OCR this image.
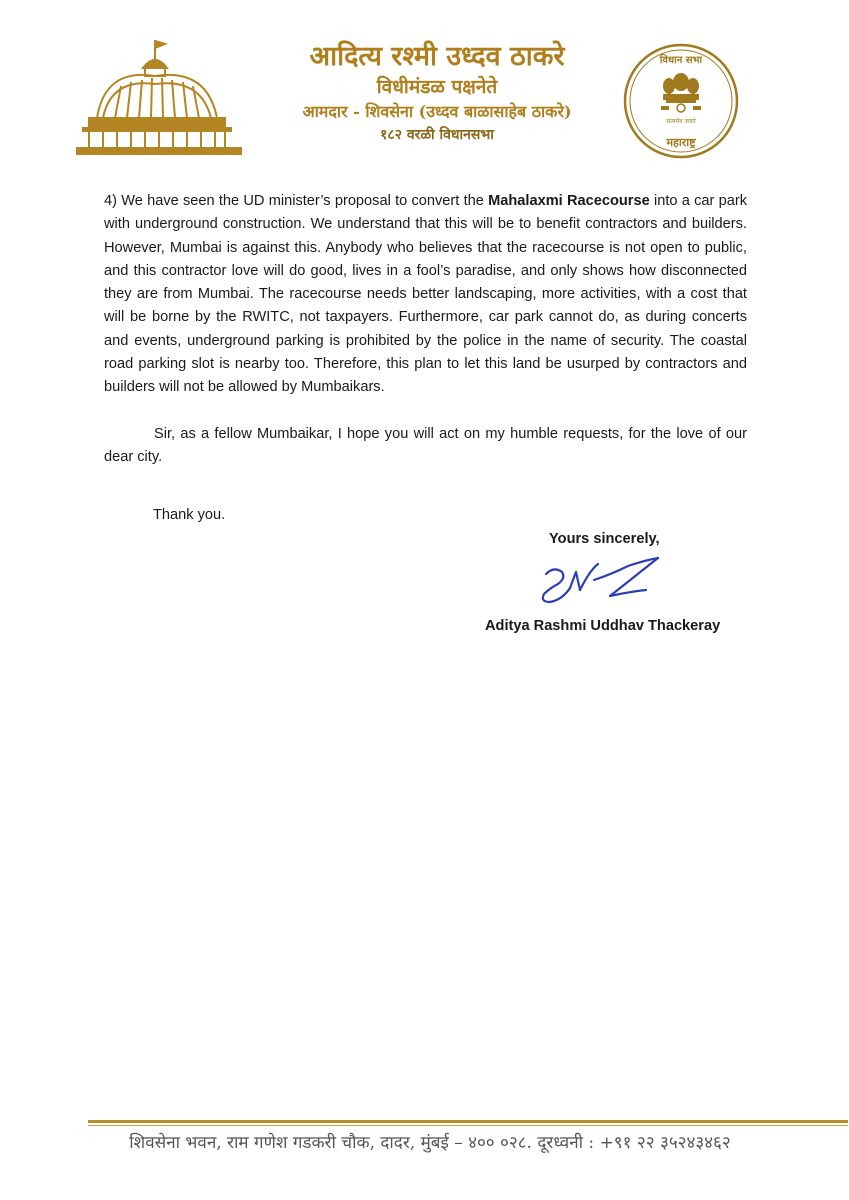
आदित्य रश्मी उध्दव ठाकरे
विधीमंडळ पक्षनेते
आमदार - शिवसेना (उध्दव बाळासाहेब ठाकरे)
१८२ वरळी विधानसभा
विधान सभा
सत्यमेव जयते
महाराष्ट्र

4) We have seen the UD minister’s proposal to convert the Mahalaxmi Racecourse into a car park with underground construction. We understand that this will be to benefit contractors and builders. However, Mumbai is against this. Anybody who believes that the racecourse is not open to public, and this contractor love will do good, lives in a fool’s paradise, and only shows how disconnected they are from Mumbai. The racecourse needs better landscaping, more activities, with a cost that will be borne by the RWITC, not taxpayers. Furthermore, car park cannot do, as during concerts and events, underground parking is prohibited by the police in the name of security. The coastal road parking slot is nearby too. Therefore, this plan to let this land be usurped by contractors and builders will not be allowed by Mumbaikars.

Sir, as a fellow Mumbaikar, I hope you will act on my humble requests, for the love of our dear city.

Thank you.
Yours sincerely,
Aditya Rashmi Uddhav Thackeray
शिवसेना भवन, राम गणेश गडकरी चौक, दादर, मुंबई – ४०० ०२८. दूरध्वनी : +९१ २२ ३५२४३४६२
